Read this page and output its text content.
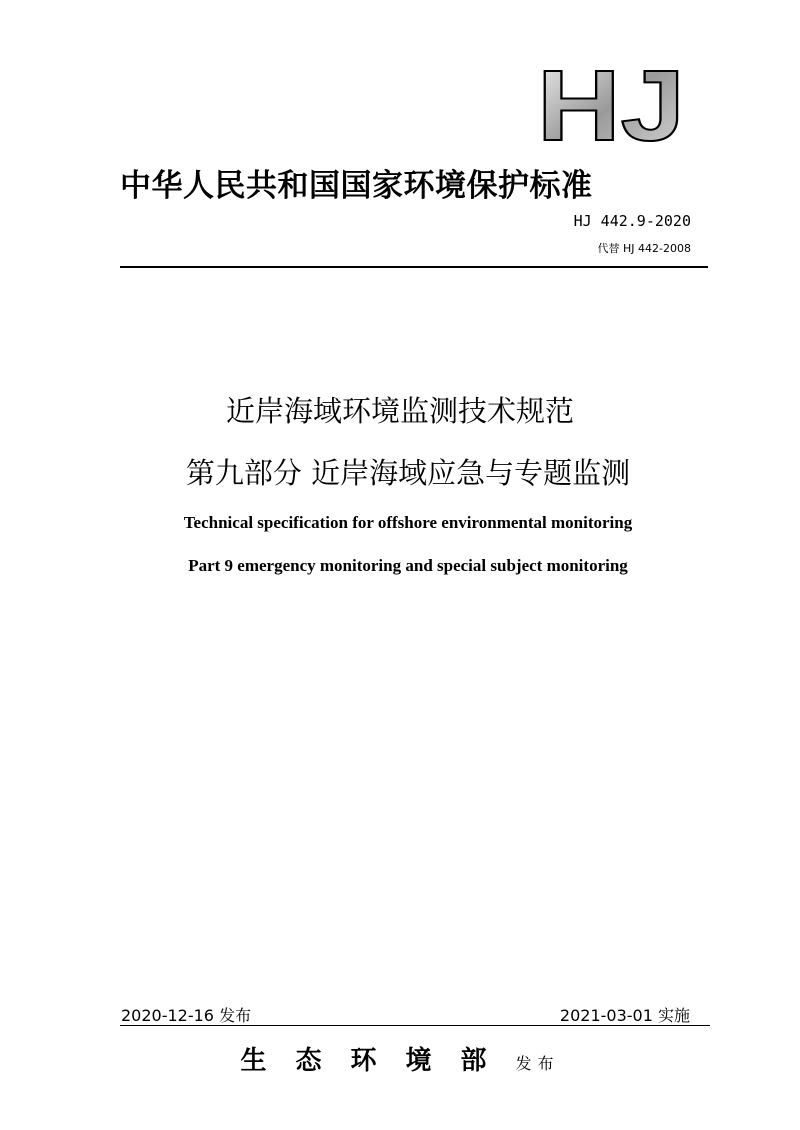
HJ
中华人民共和国国家环境保护标准
HJ 442.9-2020
代替 HJ 442-2008
近岸海域环境监测技术规范
第九部分 近岸海域应急与专题监测
Technical specification for offshore environmental monitoring
Part 9 emergency monitoring and special subject monitoring
2020-12-16 发布	2021-03-01 实施
生态环境部发布
